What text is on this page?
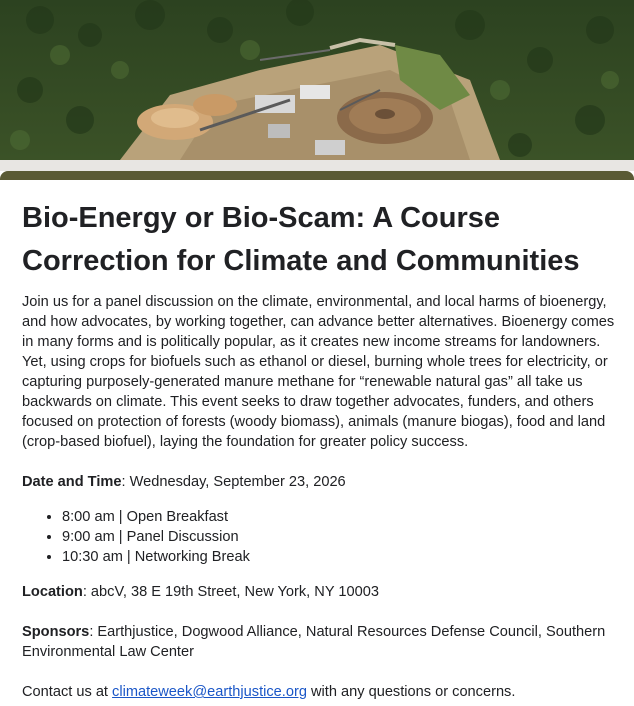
Bio-Energy or Bio-Scam: A Course Correction for Climate and Communities

Join us for a panel discussion on the climate, environmental, and local harms of bioenergy, and how advocates, by working together, can advance better alternatives. Bioenergy comes in many forms and is politically popular, as it creates new income streams for landowners. Yet, using crops for biofuels such as ethanol or diesel, burning whole trees for electricity, or capturing purposely-generated manure methane for “renewable natural gas” all take us backwards on climate. This event seeks to draw together advocates, funders, and others focused on protection of forests (woody biomass), animals (manure biogas), food and land (crop-based biofuel), laying the foundation for greater policy success.

Date and Time: Wednesday, September 23, 2026

• 8:00 am | Open Breakfast
• 9:00 am | Panel Discussion
• 10:30 am | Networking Break

Location: abcV, 38 E 19th Street, New York, NY 10003

Sponsors: Earthjustice, Dogwood Alliance, Natural Resources Defense Council, Southern Environmental Law Center

Contact us at climateweek@earthjustice.org with any questions or concerns.
